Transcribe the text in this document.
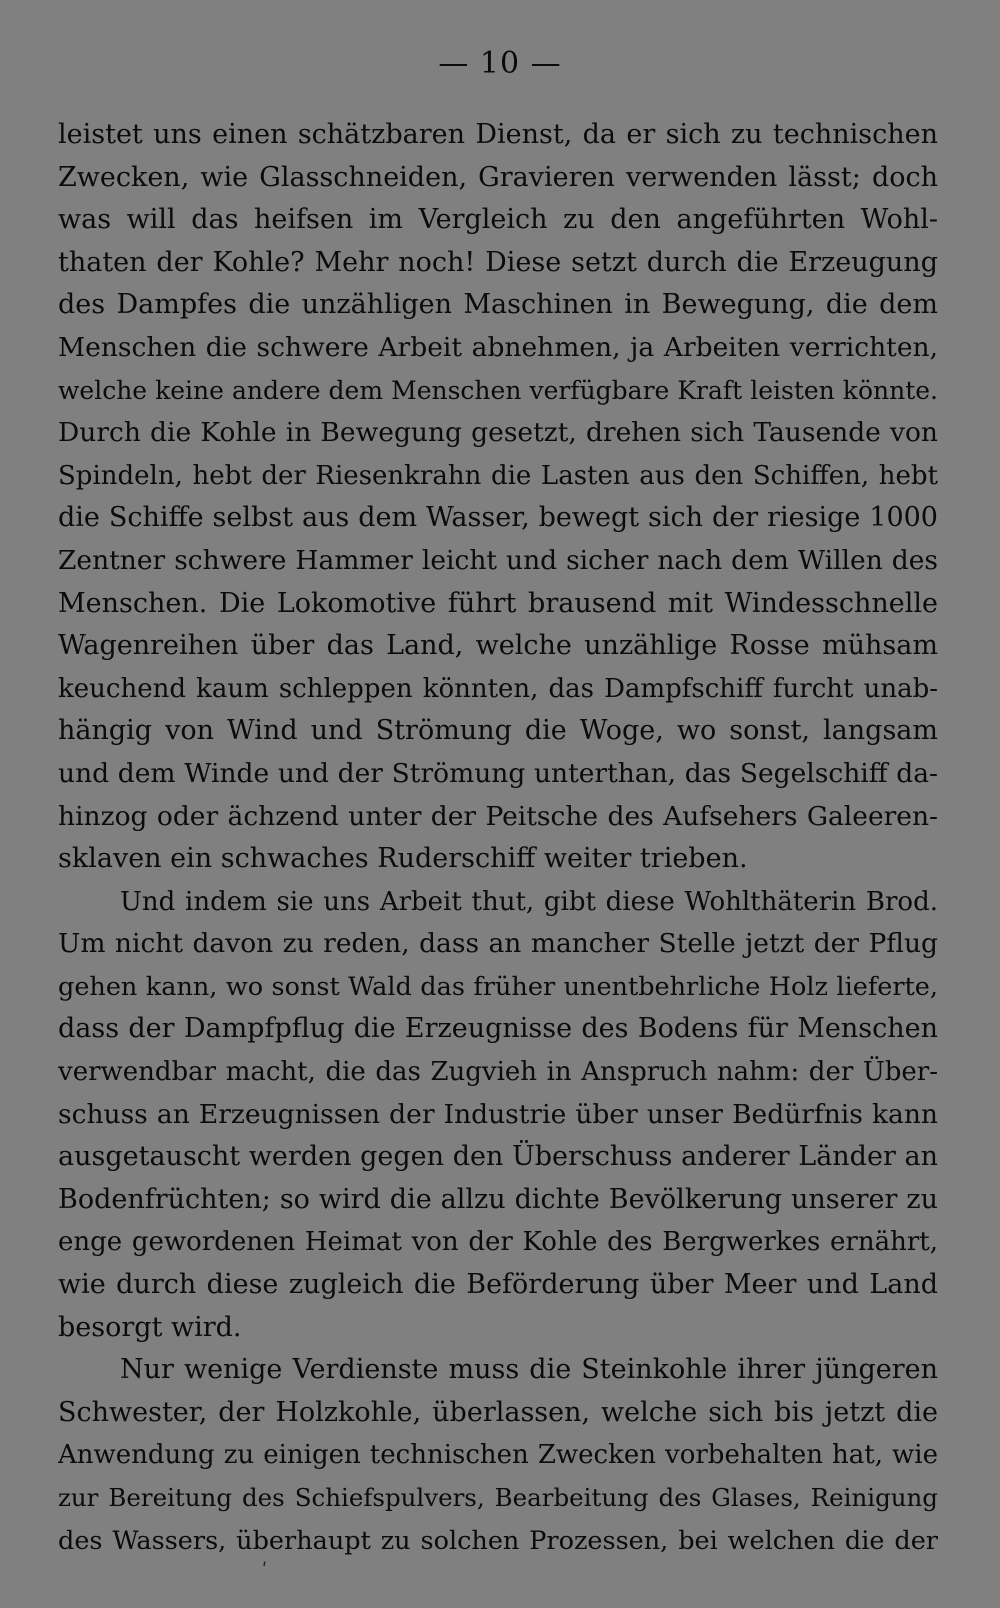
— 10 —
leistet uns einen schätzbaren Dienst, da er sich zu technischen
Zwecken, wie Glasschneiden, Gravieren verwenden lässt; doch
was will das heifsen im Vergleich zu den angeführten Wohl-
thaten der Kohle? Mehr noch! Diese setzt durch die Erzeugung
des Dampfes die unzähligen Maschinen in Bewegung, die dem
Menschen die schwere Arbeit abnehmen, ja Arbeiten verrichten,
welche keine andere dem Menschen verfügbare Kraft leisten könnte.
Durch die Kohle in Bewegung gesetzt, drehen sich Tausende von
Spindeln, hebt der Riesenkrahn die Lasten aus den Schiffen, hebt
die Schiffe selbst aus dem Wasser, bewegt sich der riesige 1000
Zentner schwere Hammer leicht und sicher nach dem Willen des
Menschen. Die Lokomotive führt brausend mit Windesschnelle
Wagenreihen über das Land, welche unzählige Rosse mühsam
keuchend kaum schleppen könnten, das Dampfschiff furcht unab-
hängig von Wind und Strömung die Woge, wo sonst, langsam
und dem Winde und der Strömung unterthan, das Segelschiff da-
hinzog oder ächzend unter der Peitsche des Aufsehers Galeeren-
sklaven ein schwaches Ruderschiff weiter trieben.
Und indem sie uns Arbeit thut, gibt diese Wohlthäterin Brod.
Um nicht davon zu reden, dass an mancher Stelle jetzt der Pflug
gehen kann, wo sonst Wald das früher unentbehrliche Holz lieferte,
dass der Dampfpflug die Erzeugnisse des Bodens für Menschen
verwendbar macht, die das Zugvieh in Anspruch nahm: der Über-
schuss an Erzeugnissen der Industrie über unser Bedürfnis kann
ausgetauscht werden gegen den Überschuss anderer Länder an
Bodenfrüchten; so wird die allzu dichte Bevölkerung unserer zu
enge gewordenen Heimat von der Kohle des Bergwerkes ernährt,
wie durch diese zugleich die Beförderung über Meer und Land
besorgt wird.
Nur wenige Verdienste muss die Steinkohle ihrer jüngeren
Schwester, der Holzkohle, überlassen, welche sich bis jetzt die
Anwendung zu einigen technischen Zwecken vorbehalten hat, wie
zur Bereitung des Schiefspulvers, Bearbeitung des Glases, Reinigung
des Wassers, überhaupt zu solchen Prozessen, bei welchen die der
ʹ
